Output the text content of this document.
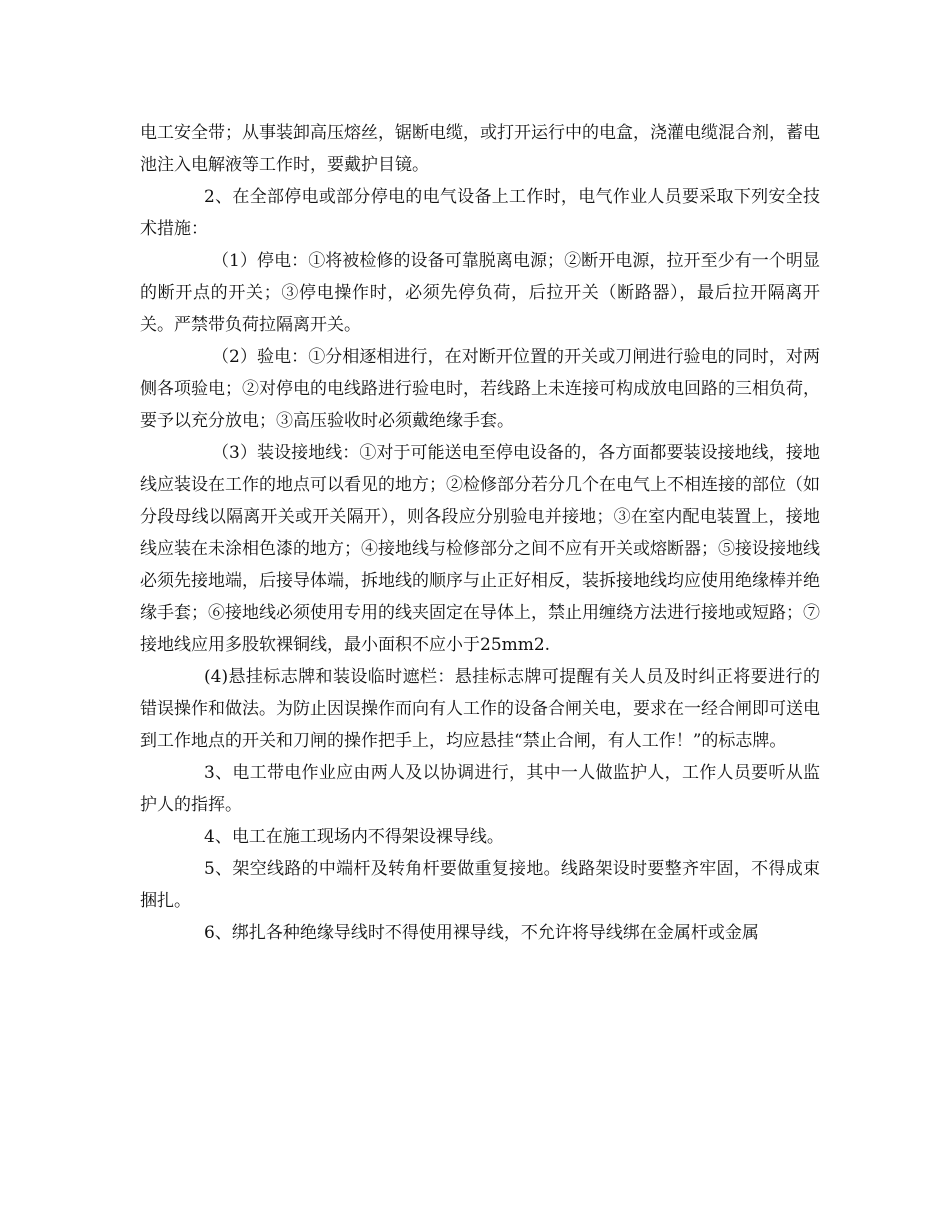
电工安全带；从事装卸高压熔丝，锯断电缆，或打开运行中的电盒，浇灌电缆混合剂，蓄电池注入电解液等工作时，要戴护目镜。

2、在全部停电或部分停电的电气设备上工作时，电气作业人员要采取下列安全技术措施：

（1）停电：①将被检修的设备可靠脱离电源；②断开电源，拉开至少有一个明显的断开点的开关；③停电操作时，必须先停负荷，后拉开关（断路器），最后拉开隔离开关。严禁带负荷拉隔离开关。

（2）验电：①分相逐相进行，在对断开位置的开关或刀闸进行验电的同时，对两侧各项验电；②对停电的电线路进行验电时，若线路上未连接可构成放电回路的三相负荷，要予以充分放电；③高压验收时必须戴绝缘手套。

（3）装设接地线：①对于可能送电至停电设备的，各方面都要装设接地线，接地线应装设在工作的地点可以看见的地方；②检修部分若分几个在电气上不相连接的部位（如分段母线以隔离开关或开关隔开），则各段应分别验电并接地；③在室内配电装置上，接地线应装在未涂相色漆的地方；④接地线与检修部分之间不应有开关或熔断器；⑤接设接地线必须先接地端，后接导体端，拆地线的顺序与止正好相反，装拆接地线均应使用绝缘棒并绝缘手套；⑥接地线必须使用专用的线夹固定在导体上，禁止用缠绕方法进行接地或短路；⑦接地线应用多股软裸铜线，最小面积不应小于25mm2.

(4)悬挂标志牌和装设临时遮栏：悬挂标志牌可提醒有关人员及时纠正将要进行的错误操作和做法。为防止因误操作而向有人工作的设备合闸关电，要求在一经合闸即可送电到工作地点的开关和刀闸的操作把手上，均应悬挂“禁止合闸，有人工作！”的标志牌。

3、电工带电作业应由两人及以协调进行，其中一人做监护人，工作人员要听从监护人的指挥。

4、电工在施工现场内不得架设裸导线。

5、架空线路的中端杆及转角杆要做重复接地。线路架设时要整齐牢固，不得成束捆扎。

6、绑扎各种绝缘导线时不得使用裸导线，不允许将导线绑在金属杆或金属
